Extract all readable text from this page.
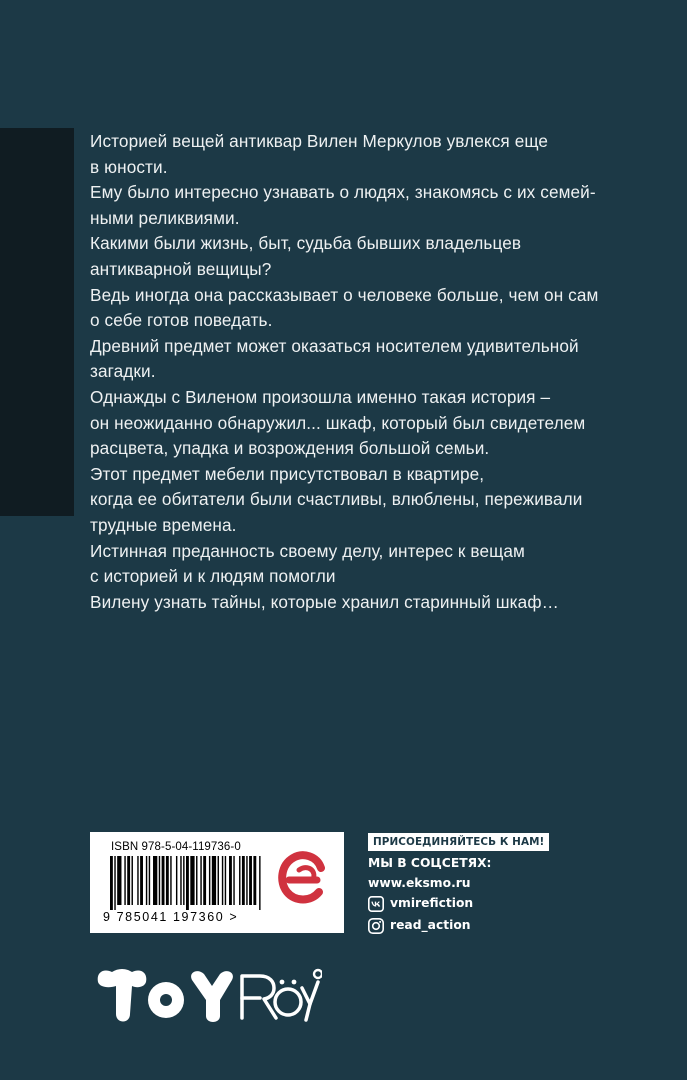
Историей вещей антиквар Вилен Меркулов увлекся еще
в юности.
Ему было интересно узнавать о людях, знакомясь с их семей-
ными реликвиями.
Какими были жизнь, быт, судьба бывших владельцев
антикварной вещицы?
Ведь иногда она рассказывает о человеке больше, чем он сам
о себе готов поведать.
Древний предмет может оказаться носителем удивительной
загадки.
Однажды с Виленом произошла именно такая история –
он неожиданно обнаружил... шкаф, который был свидетелем
расцвета, упадка и возрождения большой семьи.
Этот предмет мебели присутствовал в квартире,
когда ее обитатели были счастливы, влюблены, переживали
трудные времена.
Истинная преданность своему делу, интерес к вещам
с историей и к людям помогли
Вилену узнать тайны, которые хранил старинный шкаф…
ISBN 978-5-04-119736-0
9 785041 197360 >
ПРИСОЕДИНЯЙТЕСЬ К НАМ!
МЫ В СОЦСЕТЯХ:
www.eksmo.ru
vmirefiction
read_action
